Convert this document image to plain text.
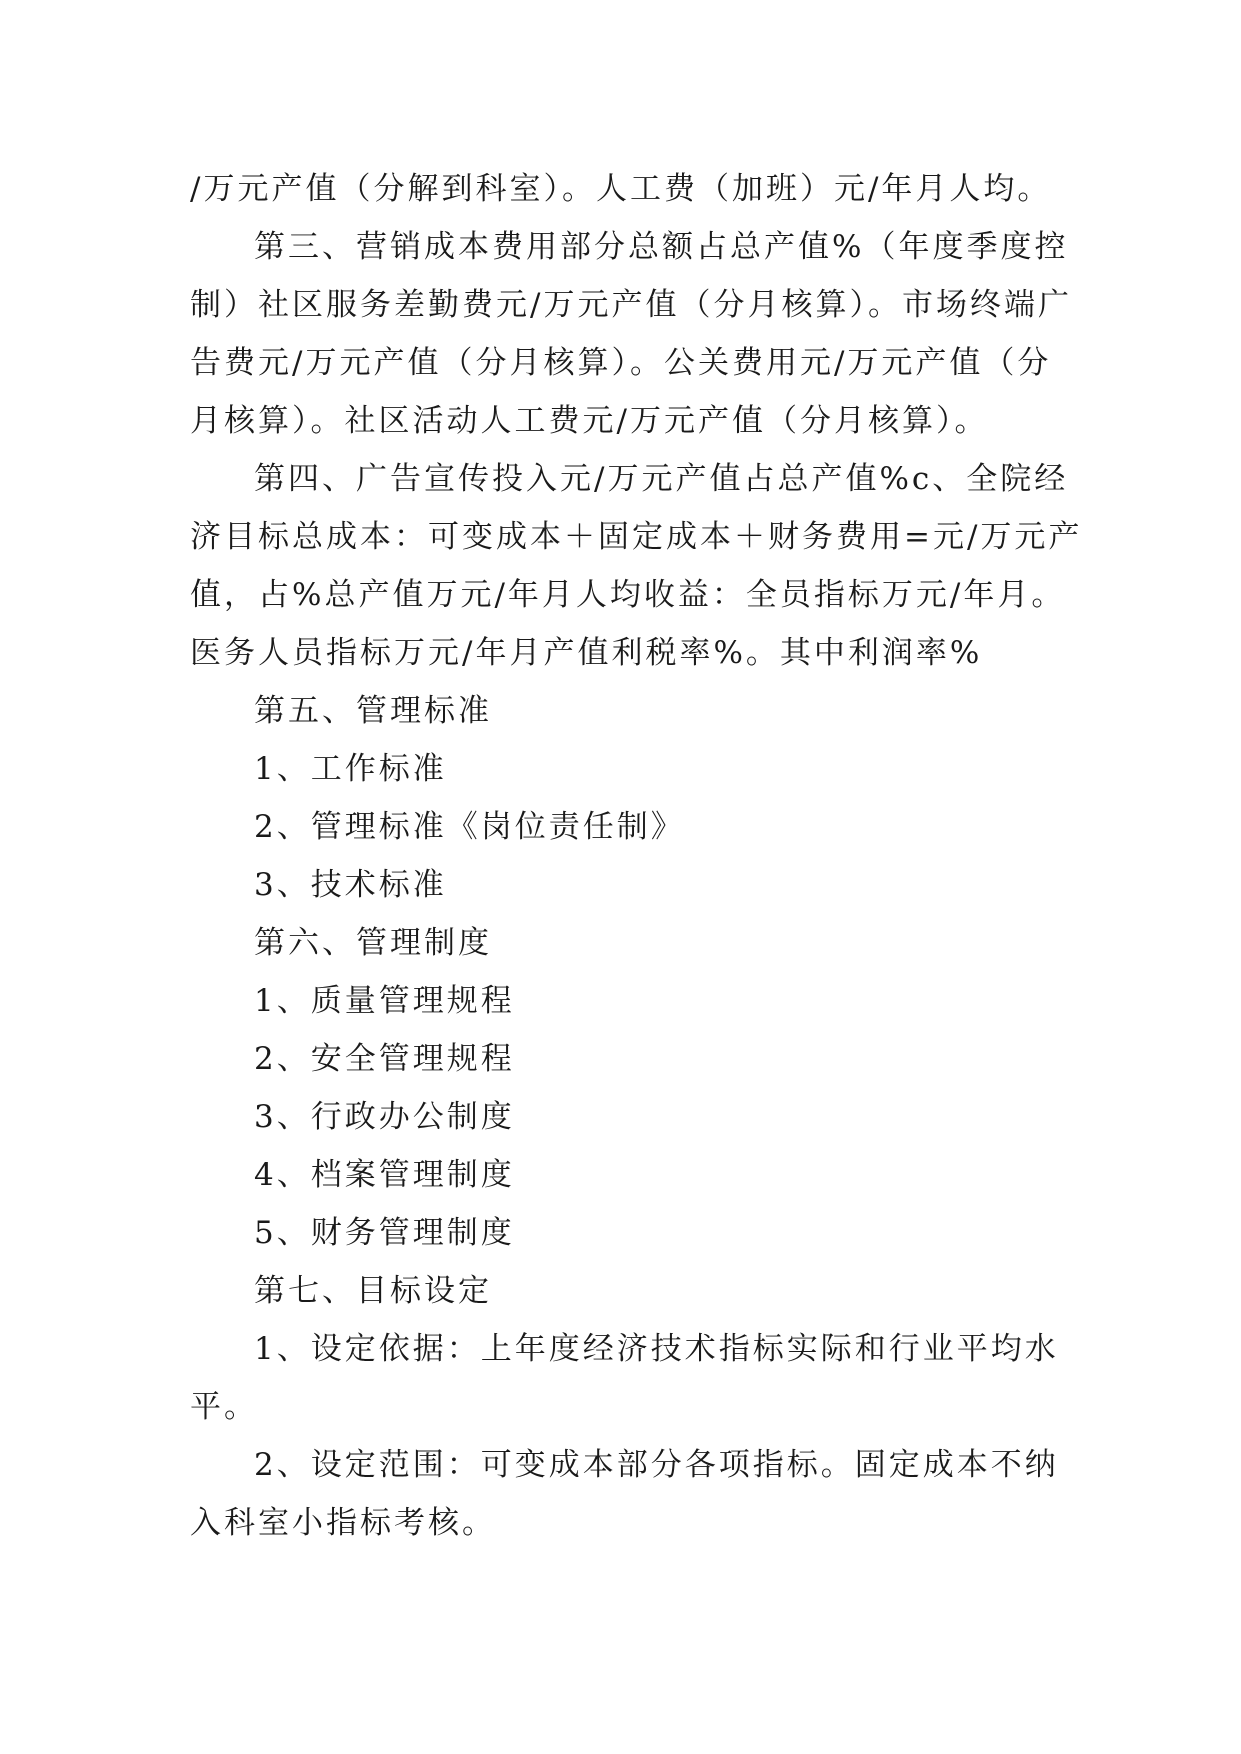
/万元产值（分解到科室）。人工费（加班）元/年月人均。
第三、营销成本费用部分总额占总产值%（年度季度控
制）社区服务差勤费元/万元产值（分月核算）。市场终端广
告费元/万元产值（分月核算）。公关费用元/万元产值（分
月核算）。社区活动人工费元/万元产值（分月核算）。
第四、广告宣传投入元/万元产值占总产值%c、全院经
济目标总成本：可变成本＋固定成本＋财务费用=元/万元产
值，占%总产值万元/年月人均收益：全员指标万元/年月。
医务人员指标万元/年月产值利税率%。其中利润率%
第五、管理标准
1、工作标准
2、管理标准《岗位责任制》
3、技术标准
第六、管理制度
1、质量管理规程
2、安全管理规程
3、行政办公制度
4、档案管理制度
5、财务管理制度
第七、目标设定
1、设定依据：上年度经济技术指标实际和行业平均水
平。
2、设定范围：可变成本部分各项指标。固定成本不纳
入科室小指标考核。
